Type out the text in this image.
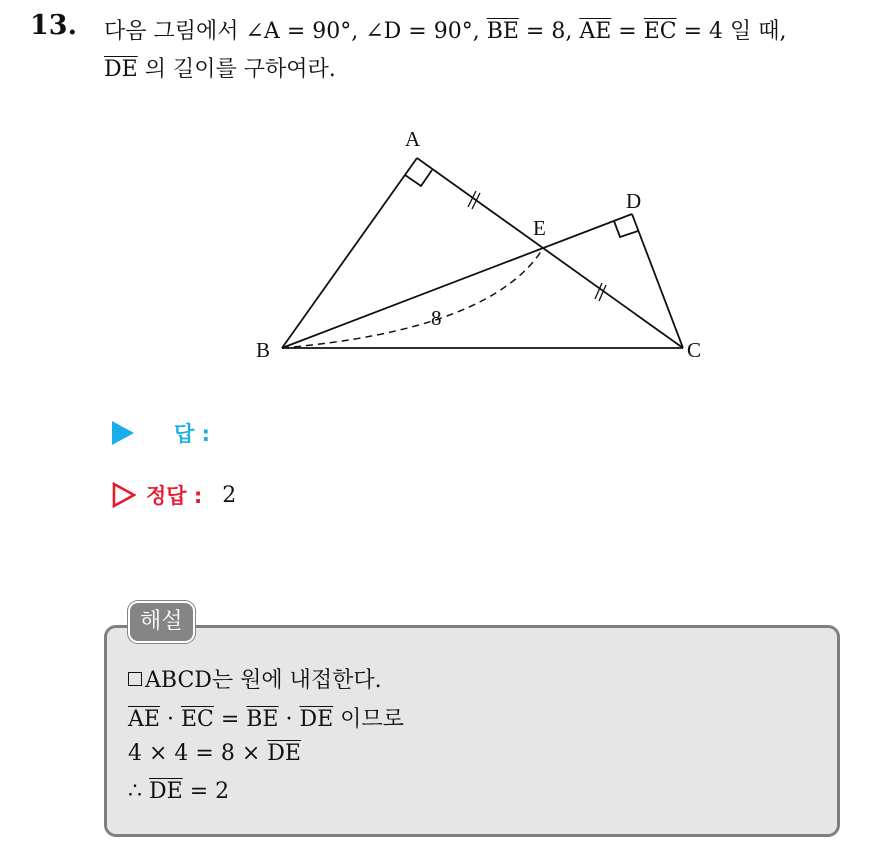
13. 다음 그림에서 ∠A = 90°, ∠D = 90°, $\overline{BE} = 8$, $\overline{AE} = \overline{EC} = 4$ 일 때,
$\overline{DE}$ 의 길이를 구하여라.
A
B	C
D
E
8
답 :
정답 : 2
해설
ABCD는 원에 내접한다.
$\overline{AE} \cdot \overline{EC} = \overline{BE} \cdot \overline{DE}$ 이므로
$4 \times 4 = 8 \times \overline{DE}$
∴ $\overline{DE} = 2$
